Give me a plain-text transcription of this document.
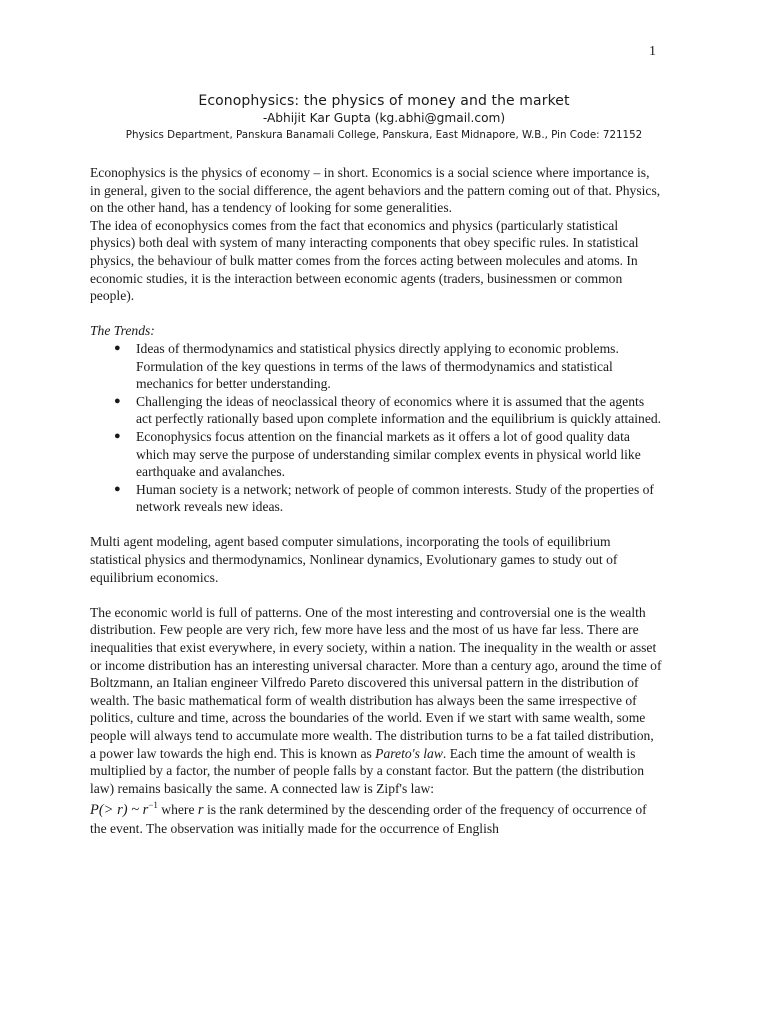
1

Econophysics: the physics of money and the market

-Abhijit Kar Gupta (kg.abhi@gmail.com)

Physics Department, Panskura Banamali College, Panskura, East Midnapore, W.B., Pin Code: 721152

Econophysics is the physics of economy – in short. Economics is a social science where importance is, in general, given to the social difference, the agent behaviors and the pattern coming out of that. Physics, on the other hand, has a tendency of looking for some generalities.

The idea of econophysics comes from the fact that economics and physics (particularly statistical physics) both deal with system of many interacting components that obey specific rules. In statistical physics, the behaviour of bulk matter comes from the forces acting between molecules and atoms. In economic studies, it is the interaction between economic agents (traders, businessmen or common people).

The Trends:

● Ideas of thermodynamics and statistical physics directly applying to economic problems. Formulation of the key questions in terms of the laws of thermodynamics and statistical mechanics for better understanding.
● Challenging the ideas of neoclassical theory of economics where it is assumed that the agents act perfectly rationally based upon complete information and the equilibrium is quickly attained.
● Econophysics focus attention on the financial markets as it offers a lot of good quality data which may serve the purpose of understanding similar complex events in physical world like earthquake and avalanches.
● Human society is a network; network of people of common interests. Study of the properties of network reveals new ideas.

Multi agent modeling, agent based computer simulations, incorporating the tools of equilibrium statistical physics and thermodynamics, Nonlinear dynamics, Evolutionary games to study out of equilibrium economics.

The economic world is full of patterns. One of the most interesting and controversial one is the wealth distribution. Few people are very rich, few more have less and the most of us have far less. There are inequalities that exist everywhere, in every society, within a nation. The inequality in the wealth or asset or income distribution has an interesting universal character. More than a century ago, around the time of Boltzmann, an Italian engineer Vilfredo Pareto discovered this universal pattern in the distribution of wealth. The basic mathematical form of wealth distribution has always been the same irrespective of politics, culture and time, across the boundaries of the world. Even if we start with same wealth, some people will always tend to accumulate more wealth. The distribution turns to be a fat tailed distribution, a power law towards the high end. This is known as Pareto's law. Each time the amount of wealth is multiplied by a factor, the number of people falls by a constant factor. But the pattern (the distribution law) remains basically the same. A connected law is Zipf's law:
P(> r) ~ $r^{-1}$ where r is the rank determined by the descending order of the frequency of occurrence of the event. The observation was initially made for the occurrence of English
